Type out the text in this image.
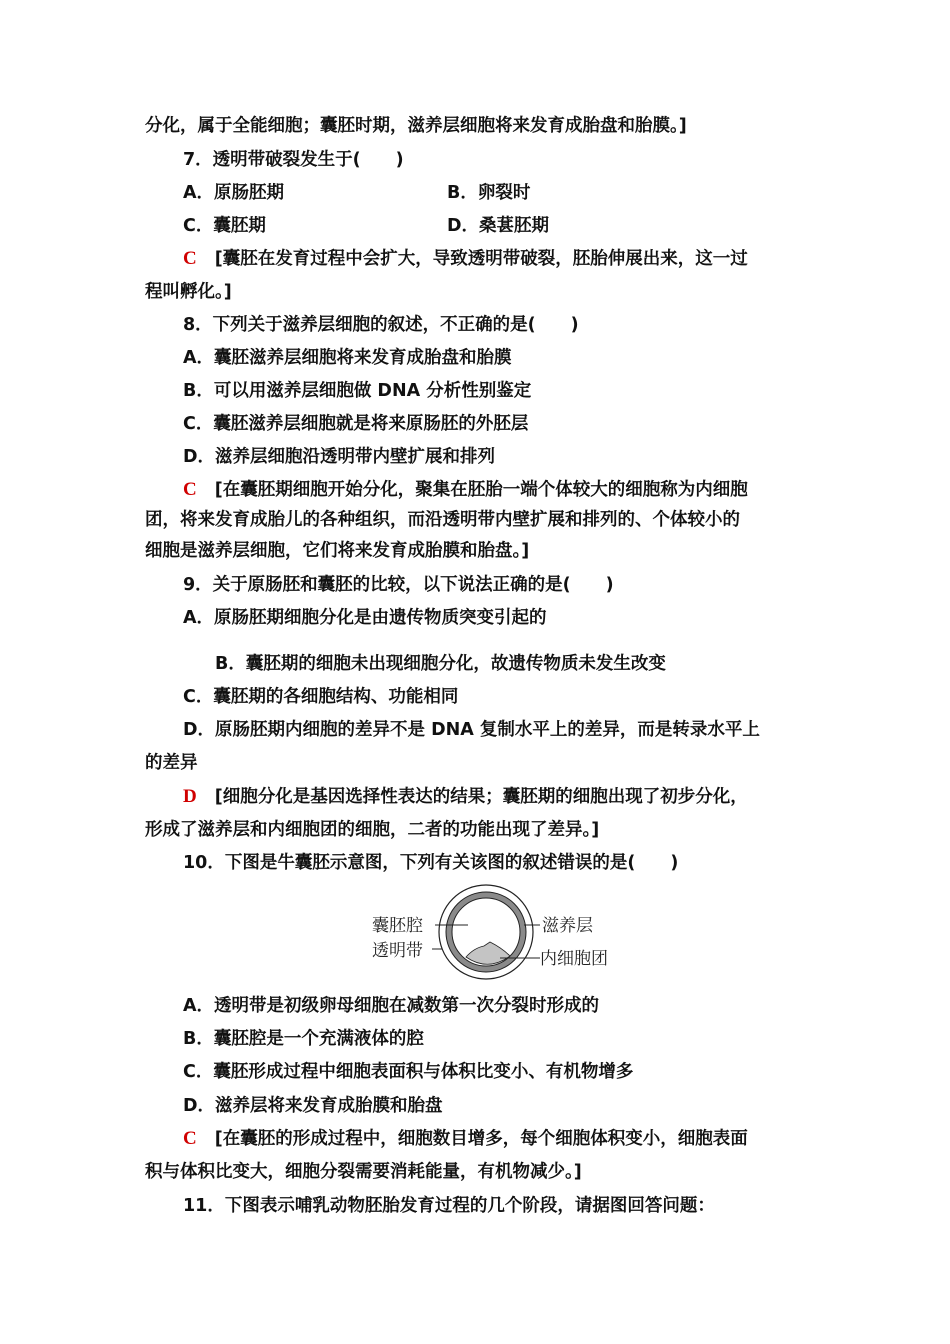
分化，属于全能细胞；囊胚时期，滋养层细胞将来发育成胎盘和胎膜。]
7．透明带破裂发生于(　　)
A．原肠胚期	B．卵裂时
C．囊胚期	D．桑葚胚期
C [囊胚在发育过程中会扩大，导致透明带破裂，胚胎伸展出来，这一过
程叫孵化。]
8．下列关于滋养层细胞的叙述，不正确的是(　　)
A．囊胚滋养层细胞将来发育成胎盘和胎膜
B．可以用滋养层细胞做 DNA 分析性别鉴定
C．囊胚滋养层细胞就是将来原肠胚的外胚层
D．滋养层细胞沿透明带内壁扩展和排列
C [在囊胚期细胞开始分化，聚集在胚胎一端个体较大的细胞称为内细胞
团，将来发育成胎儿的各种组织，而沿透明带内壁扩展和排列的、个体较小的
细胞是滋养层细胞，它们将来发育成胎膜和胎盘。]
9．关于原肠胚和囊胚的比较，以下说法正确的是(　　)
A．原肠胚期细胞分化是由遗传物质突变引起的
B．囊胚期的细胞未出现细胞分化，故遗传物质未发生改变
C．囊胚期的各细胞结构、功能相同
D．原肠胚期内细胞的差异不是 DNA 复制水平上的差异，而是转录水平上
的差异
D [细胞分化是基因选择性表达的结果；囊胚期的细胞出现了初步分化，
形成了滋养层和内细胞团的细胞，二者的功能出现了差异。]
10．下图是牛囊胚示意图，下列有关该图的叙述错误的是(　　)
囊胚腔
透明带
滋养层
内细胞团
A．透明带是初级卵母细胞在减数第一次分裂时形成的
B．囊胚腔是一个充满液体的腔
C．囊胚形成过程中细胞表面积与体积比变小、有机物增多
D．滋养层将来发育成胎膜和胎盘
C [在囊胚的形成过程中，细胞数目增多，每个细胞体积变小，细胞表面
积与体积比变大，细胞分裂需要消耗能量，有机物减少。]
11．下图表示哺乳动物胚胎发育过程的几个阶段，请据图回答问题：
